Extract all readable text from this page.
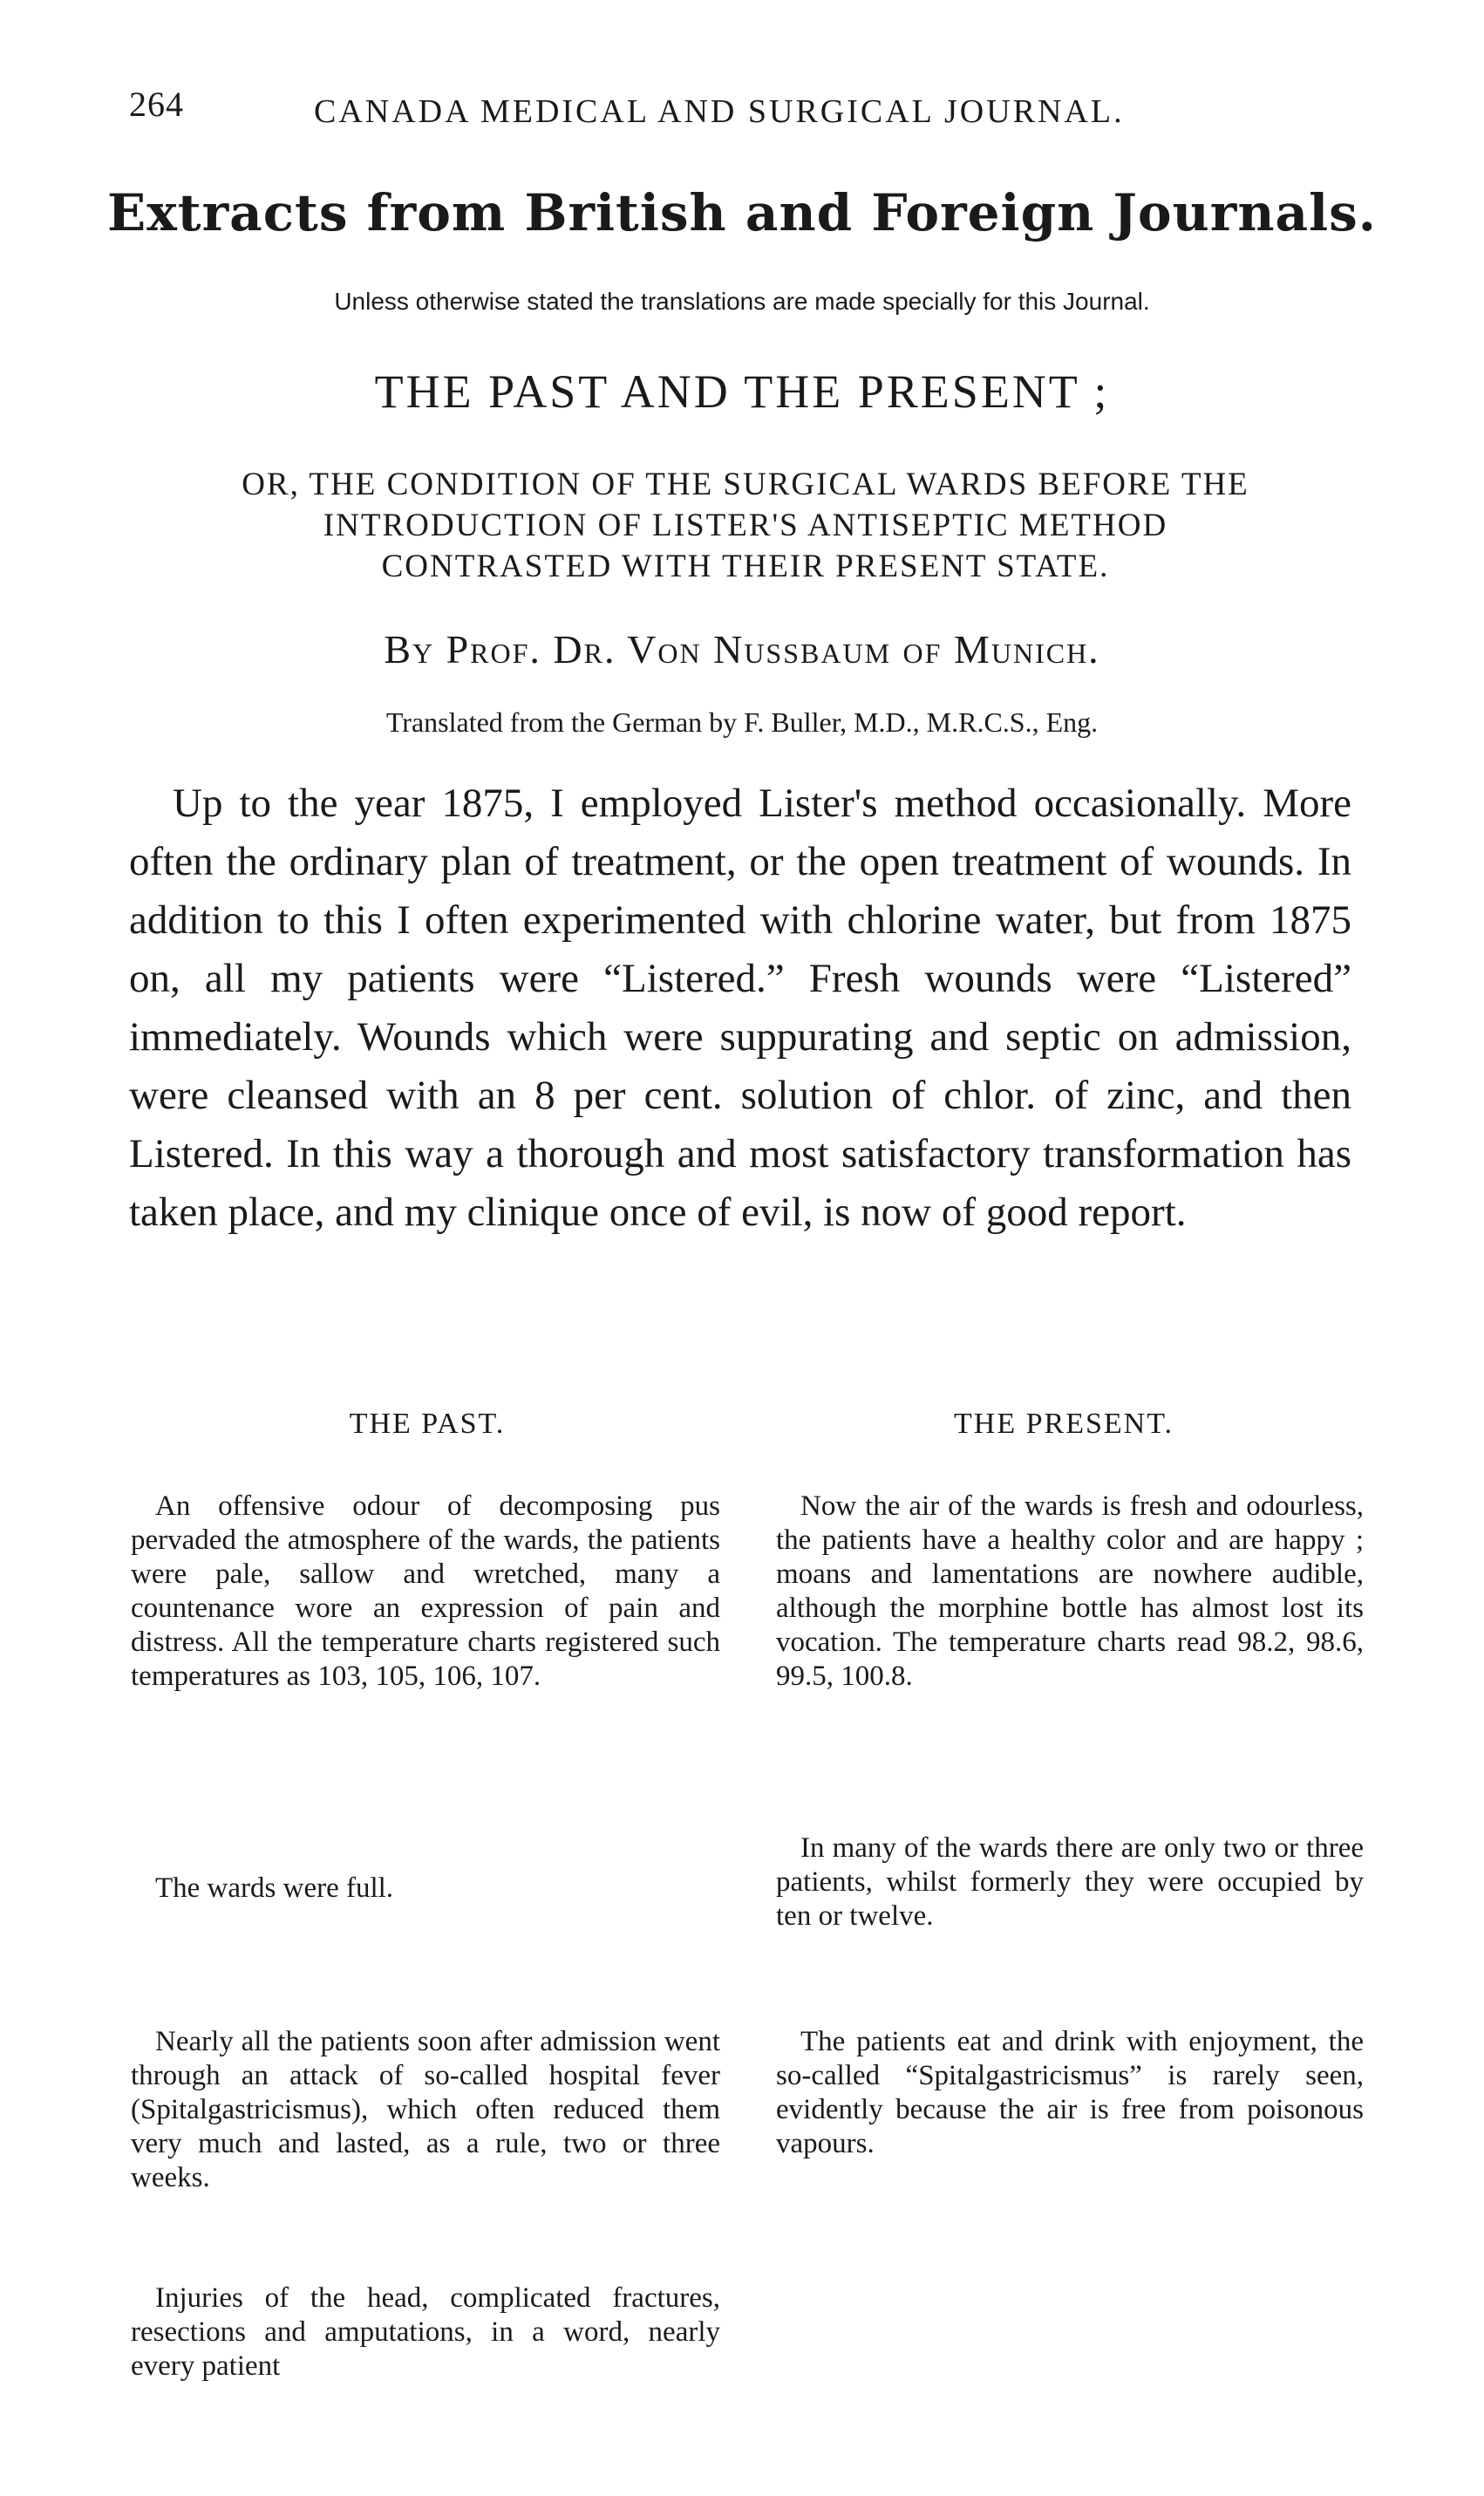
264	CANADA MEDICAL AND SURGICAL JOURNAL.
Extracts from British and Foreign Journals.
Unless otherwise stated the translations are made specially for this Journal.
THE PAST AND THE PRESENT ;
OR, THE CONDITION OF THE SURGICAL WARDS BEFORE THE
INTRODUCTION OF LISTER'S ANTISEPTIC METHOD
CONTRASTED WITH THEIR PRESENT STATE.
By Prof. Dr. Von Nussbaum of Munich.
Translated from the German by F. Buller, M.D., M.R.C.S., Eng.

Up to the year 1875, I employed Lister's method occasionally. More often the ordinary plan of treatment, or the open treatment of wounds. In addition to this I often experimented with chlorine water, but from 1875 on, all my patients were “Listered.” Fresh wounds were “Listered” immediately. Wounds which were suppurating and septic on admission, were cleansed with an 8 per cent. solution of chlor. of zinc, and then Listered. In this way a thorough and most satisfactory transformation has taken place, and my clinique once of evil, is now of good report.

THE PAST.	THE PRESENT.

An offensive odour of decomposing pus pervaded the atmosphere of the wards, the patients were pale, sallow and wretched, many a countenance wore an expression of pain and distress. All the temperature charts registered such temperatures as 103, 105, 106, 107.

Now the air of the wards is fresh and odourless, the patients have a healthy color and are happy ; moans and lamentations are nowhere audible, although the morphine bottle has almost lost its vocation. The temperature charts read 98.2, 98.6, 99.5, 100.8.

The wards were full.

In many of the wards there are only two or three patients, whilst formerly they were occupied by ten or twelve.

Nearly all the patients soon after admission went through an attack of so-called hospital fever (Spitalgastricismus), which often reduced them very much and lasted, as a rule, two or three weeks.

The patients eat and drink with enjoyment, the so-called “Spitalgastricismus” is rarely seen, evidently because the air is free from poisonous vapours.

Injuries of the head, complicated fractures, resections and amputations, in a word, nearly every patient
